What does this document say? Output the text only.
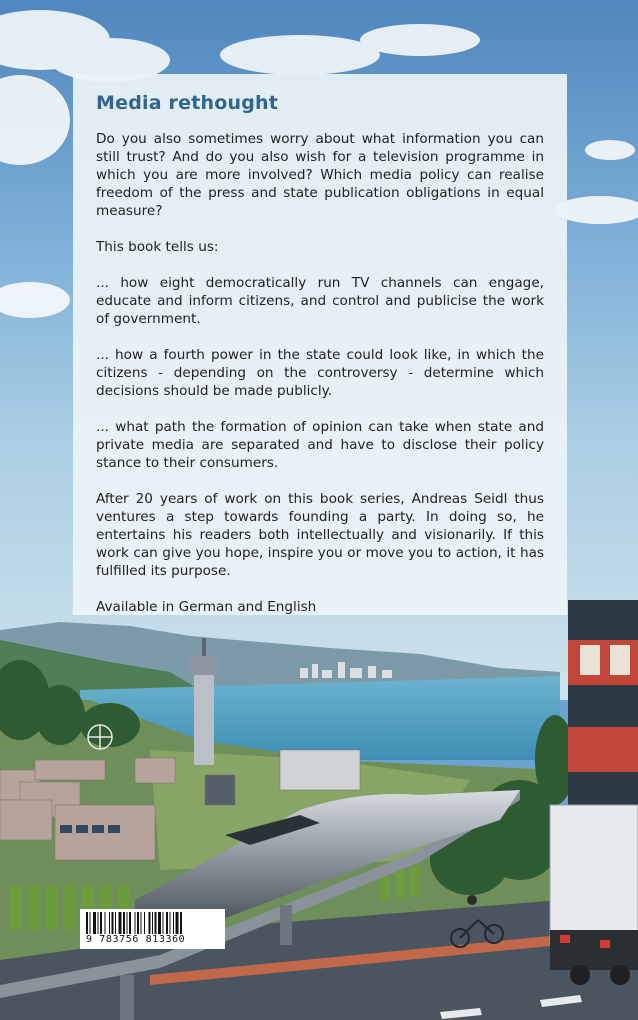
Media rethought

Do you also sometimes worry about what information you can still trust? And do you also wish for a television programme in which you are more involved? Which media policy can realise freedom of the press and state publication obligations in equal measure?

This book tells us:

... how eight democratically run TV channels can engage, educate and inform citizens, and control and publicise the work of government.

... how a fourth power in the state could look like, in which the citizens - depending on the controversy - determine which decisions should be made publicly.

... what path the formation of opinion can take when state and private media are separated and have to disclose their policy stance to their consumers.

After 20 years of work on this book series, Andreas Seidl thus ventures a step towards founding a party. In doing so, he entertains his readers both intellectually and visionarily. If this work can give you hope, inspire you or move you to action, it has fulfilled its purpose.

Available in German and English

9 783756 813360
